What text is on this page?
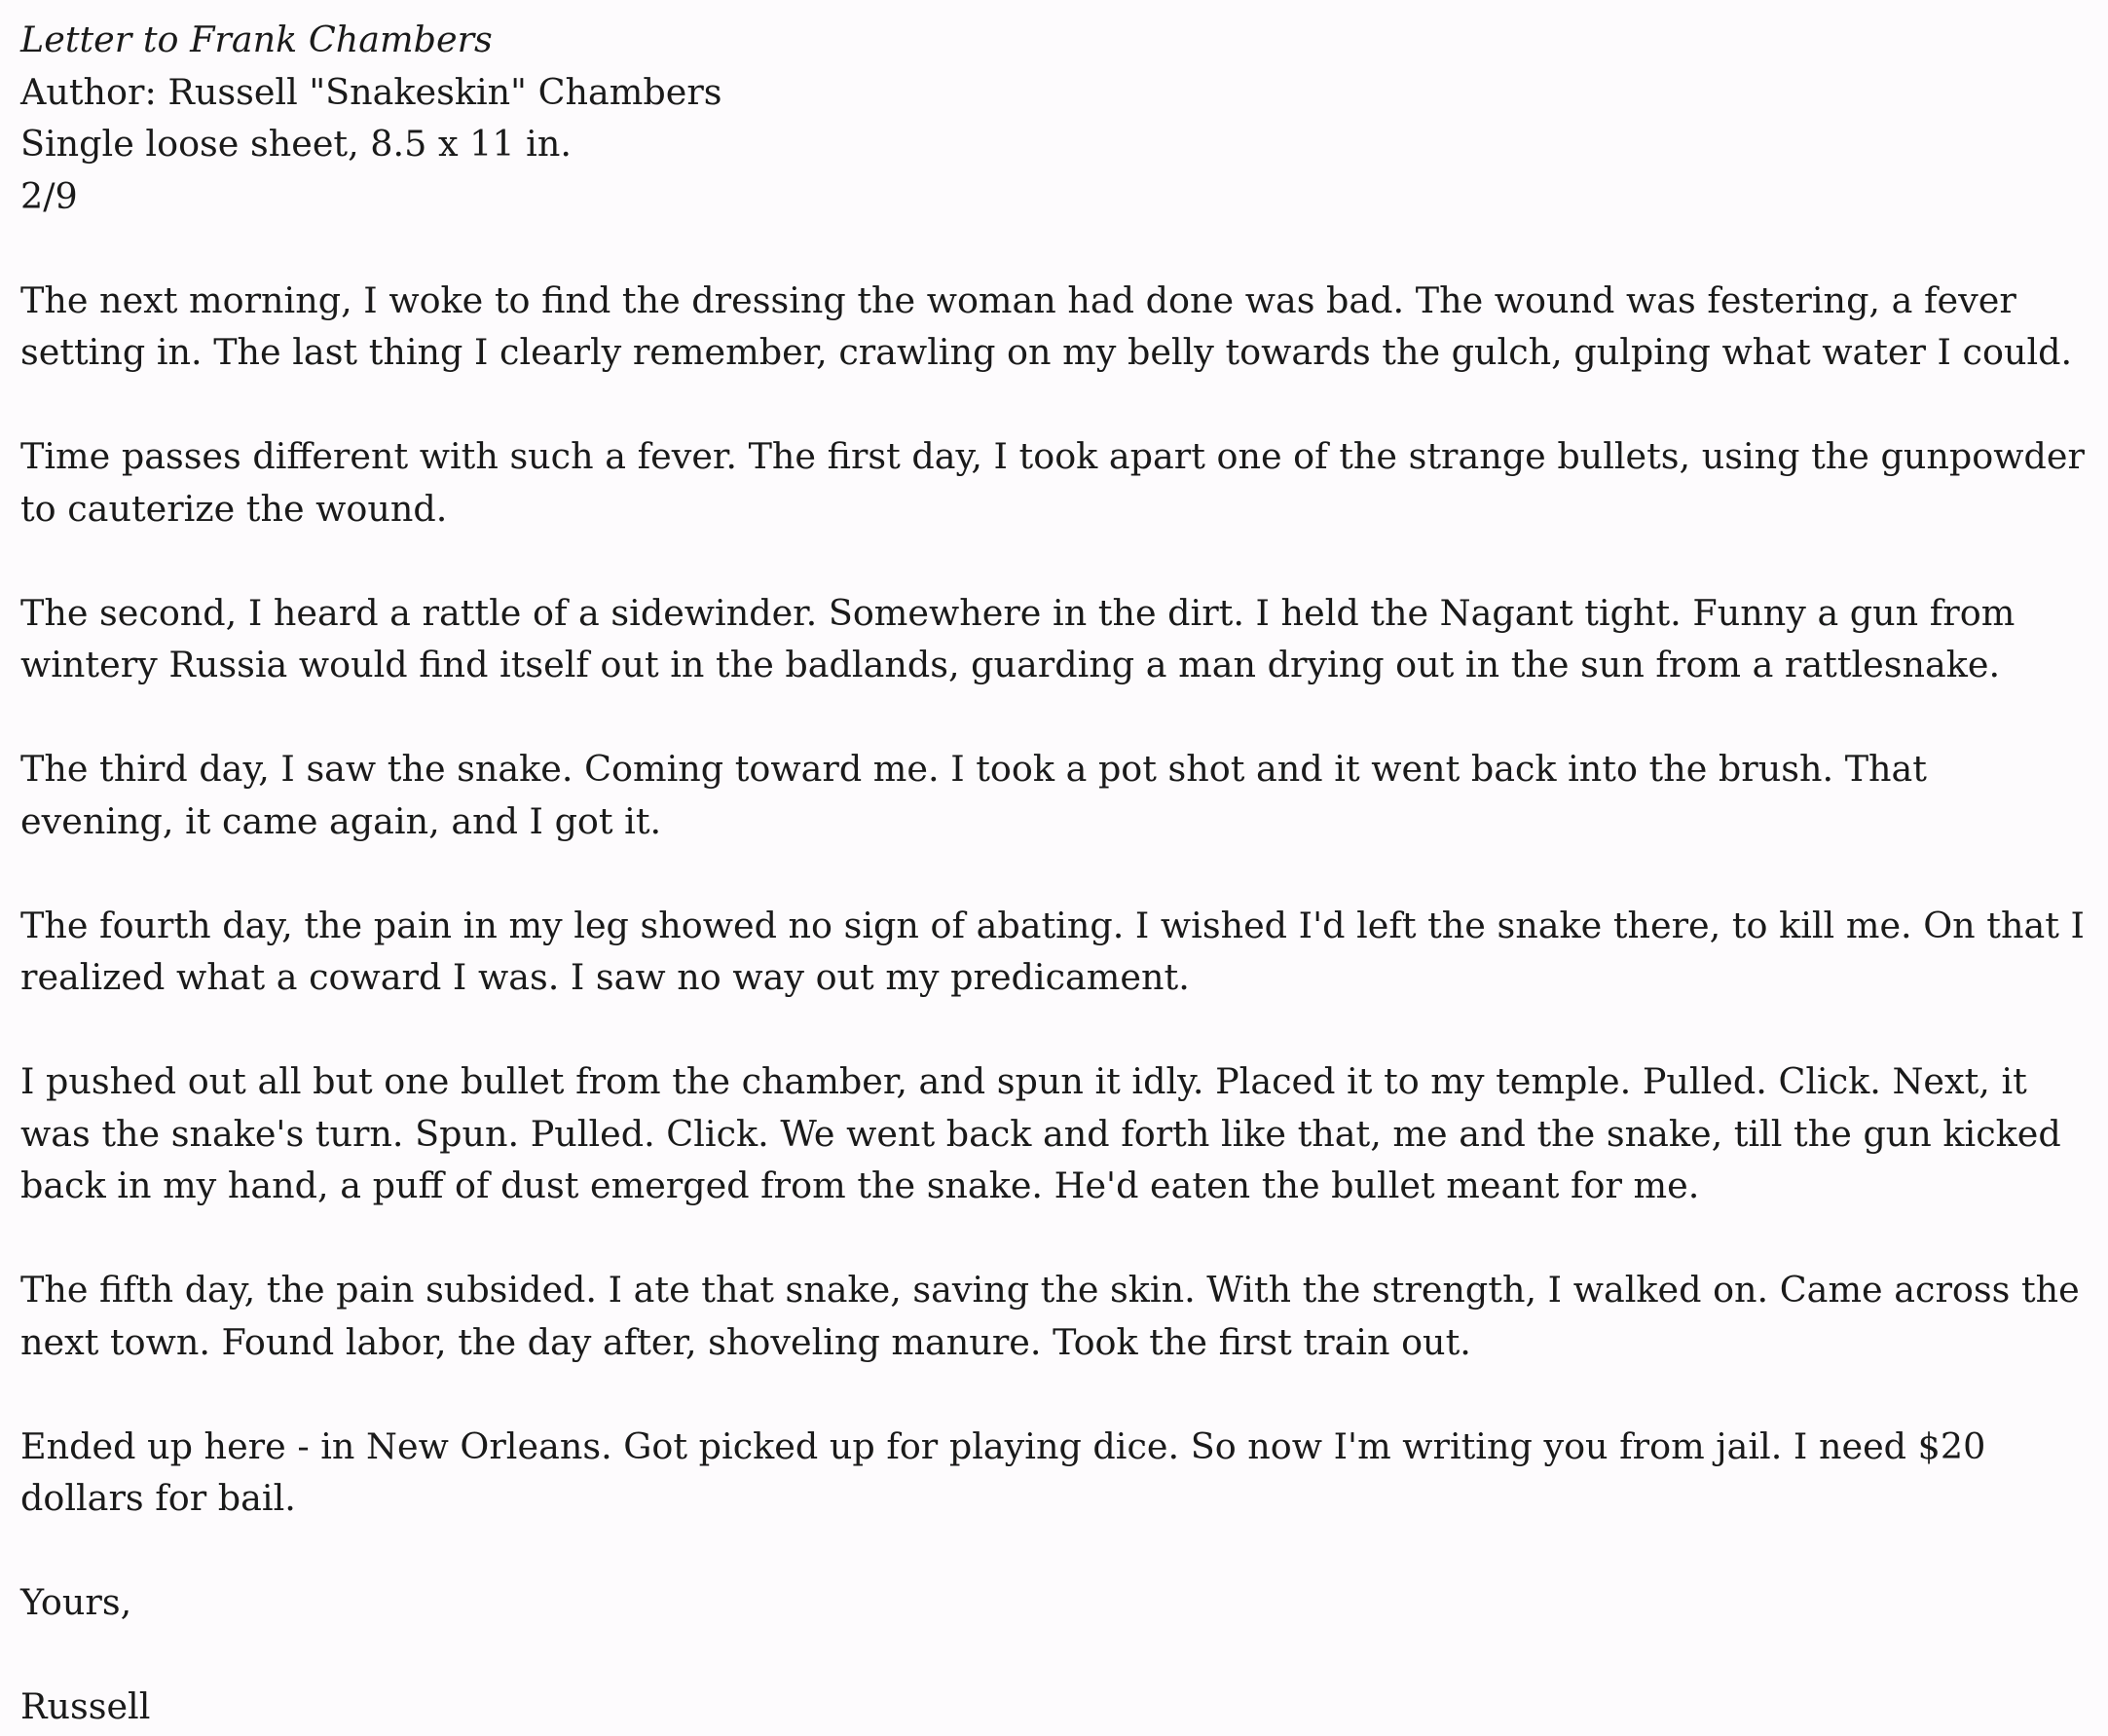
Letter to Frank Chambers
Author: Russell "Snakeskin" Chambers
Single loose sheet, 8.5 x 11 in.
2/9

The next morning, I woke to find the dressing the woman had done was bad. The wound was festering, a fever setting in. The last thing I clearly remember, crawling on my belly towards the gulch, gulping what water I could.

Time passes different with such a fever. The first day, I took apart one of the strange bullets, using the gunpowder to cauterize the wound.

The second, I heard a rattle of a sidewinder. Somewhere in the dirt. I held the Nagant tight. Funny a gun from wintery Russia would find itself out in the badlands, guarding a man drying out in the sun from a rattlesnake.

The third day, I saw the snake. Coming toward me. I took a pot shot and it went back into the brush. That evening, it came again, and I got it.

The fourth day, the pain in my leg showed no sign of abating. I wished I'd left the snake there, to kill me. On that I realized what a coward I was. I saw no way out my predicament.

I pushed out all but one bullet from the chamber, and spun it idly. Placed it to my temple. Pulled. Click. Next, it was the snake's turn. Spun. Pulled. Click. We went back and forth like that, me and the snake, till the gun kicked back in my hand, a puff of dust emerged from the snake. He'd eaten the bullet meant for me.

The fifth day, the pain subsided. I ate that snake, saving the skin. With the strength, I walked on. Came across the next town. Found labor, the day after, shoveling manure. Took the first train out.

Ended up here - in New Orleans. Got picked up for playing dice. So now I'm writing you from jail. I need $20 dollars for bail.

Yours,

Russell
